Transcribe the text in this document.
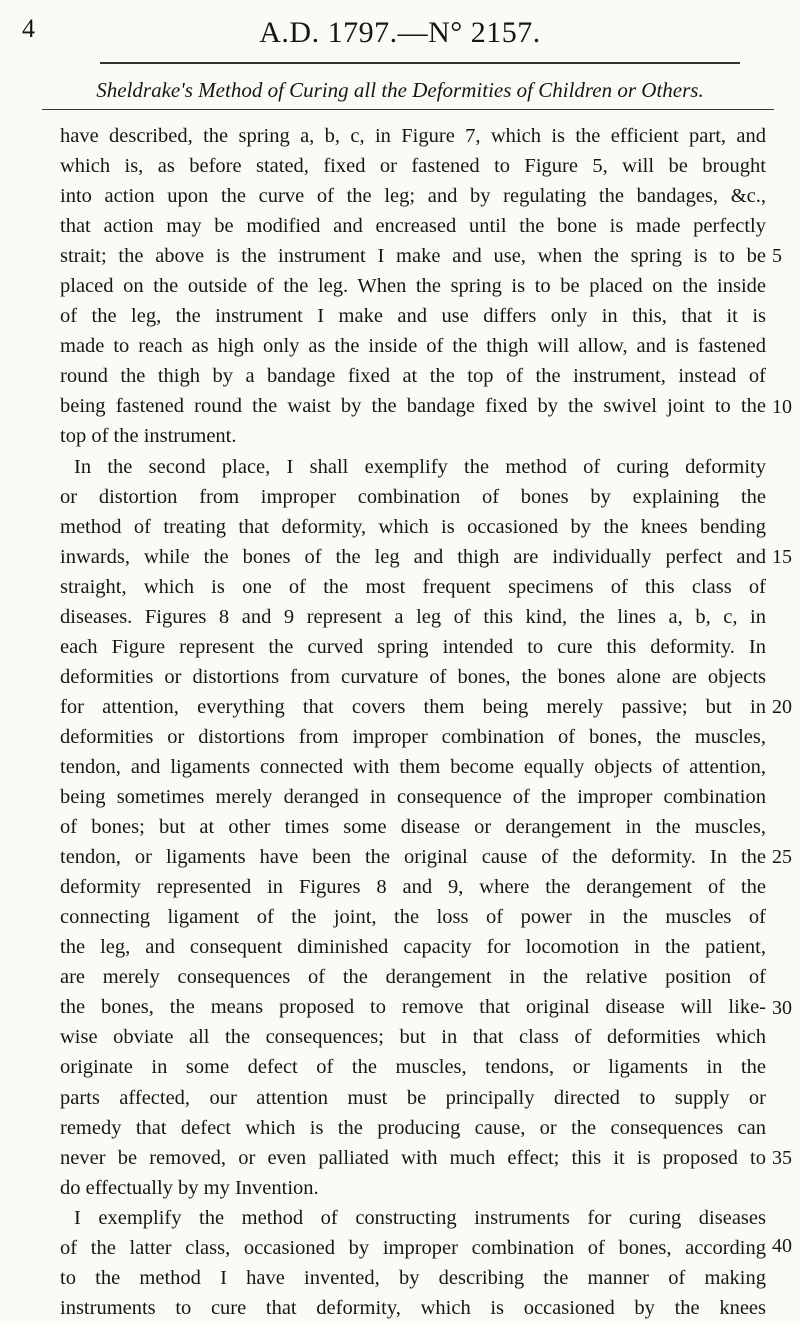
4	A.D. 1797.—N° 2157.
Sheldrake's Method of Curing all the Deformities of Children or Others.
have described, the spring a, b, c, in Figure 7, which is the efficient part, and
which is, as before stated, fixed or fastened to Figure 5, will be brought
into action upon the curve of the leg; and by regulating the bandages, &c.,
that action may be modified and encreased until the bone is made perfectly
strait; the above is the instrument I make and use, when the spring is to be
placed on the outside of the leg. When the spring is to be placed on the inside
of the leg, the instrument I make and use differs only in this, that it is
made to reach as high only as the inside of the thigh will allow, and is fastened
round the thigh by a bandage fixed at the top of the instrument, instead of
being fastened round the waist by the bandage fixed by the swivel joint to the
top of the instrument.
In the second place, I shall exemplify the method of curing deformity
or distortion from improper combination of bones by explaining the
method of treating that deformity, which is occasioned by the knees bending
inwards, while the bones of the leg and thigh are individually perfect and
straight, which is one of the most frequent specimens of this class of
diseases. Figures 8 and 9 represent a leg of this kind, the lines a, b, c, in
each Figure represent the curved spring intended to cure this deformity. In
deformities or distortions from curvature of bones, the bones alone are objects
for attention, everything that covers them being merely passive; but in
deformities or distortions from improper combination of bones, the muscles,
tendon, and ligaments connected with them become equally objects of attention,
being sometimes merely deranged in consequence of the improper combination
of bones; but at other times some disease or derangement in the muscles,
tendon, or ligaments have been the original cause of the deformity. In the
deformity represented in Figures 8 and 9, where the derangement of the
connecting ligament of the joint, the loss of power in the muscles of
the leg, and consequent diminished capacity for locomotion in the patient,
are merely consequences of the derangement in the relative position of
the bones, the means proposed to remove that original disease will like-
wise obviate all the consequences; but in that class of deformities which
originate in some defect of the muscles, tendons, or ligaments in the
parts affected, our attention must be principally directed to supply or
remedy that defect which is the producing cause, or the consequences can
never be removed, or even palliated with much effect; this it is proposed to
do effectually by my Invention.
I exemplify the method of constructing instruments for curing diseases
of the latter class, occasioned by improper combination of bones, according
to the method I have invented, by describing the manner of making
instruments to cure that deformity, which is occasioned by the knees
5
10
15
20
25
30
35
40
